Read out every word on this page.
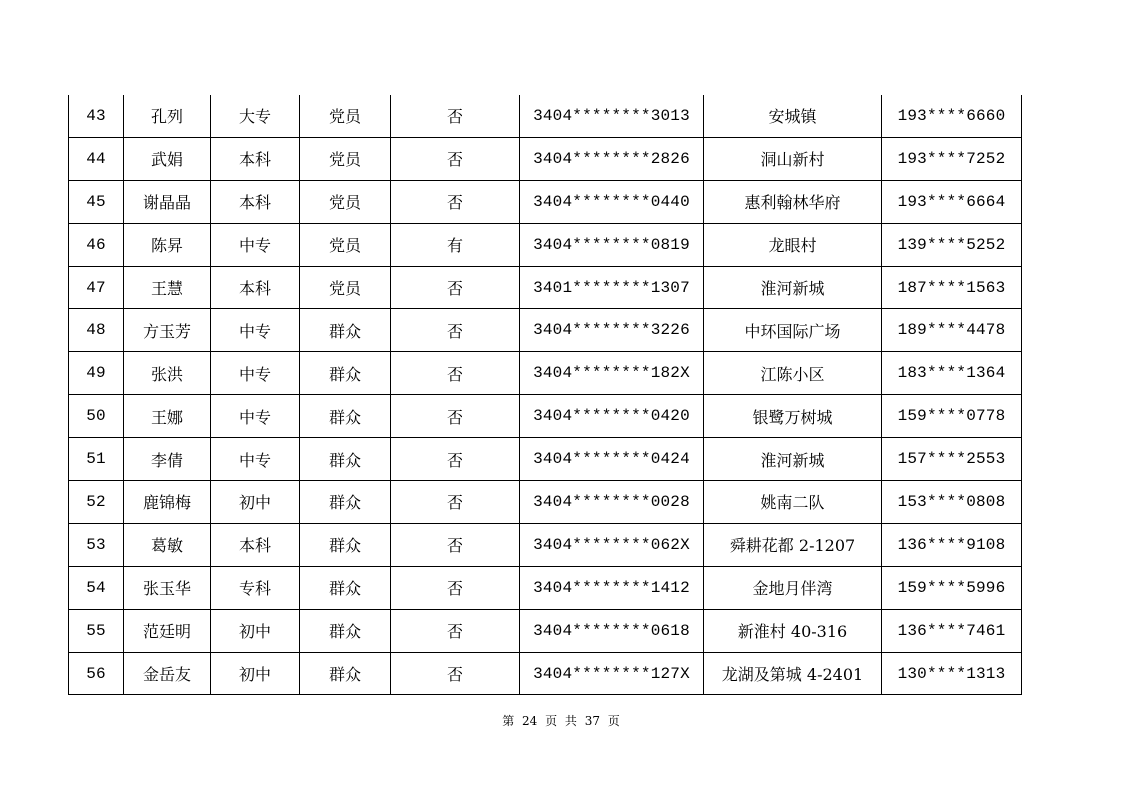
43	孔列	大专	党员	否	3404********3013	安城镇	193****6660
44	武娟	本科	党员	否	3404********2826	洞山新村	193****7252
45	谢晶晶	本科	党员	否	3404********0440	惠利翰林华府	193****6664
46	陈昇	中专	党员	有	3404********0819	龙眼村	139****5252
47	王慧	本科	党员	否	3401********1307	淮河新城	187****1563
48	方玉芳	中专	群众	否	3404********3226	中环国际广场	189****4478
49	张洪	中专	群众	否	3404********182X	江陈小区	183****1364
50	王娜	中专	群众	否	3404********0420	银鹭万树城	159****0778
51	李倩	中专	群众	否	3404********0424	淮河新城	157****2553
52	鹿锦梅	初中	群众	否	3404********0028	姚南二队	153****0808
53	葛敏	本科	群众	否	3404********062X	舜耕花都 2-1207	136****9108
54	张玉华	专科	群众	否	3404********1412	金地月伴湾	159****5996
55	范廷明	初中	群众	否	3404********0618	新淮村 40-316	136****7461
56	金岳友	初中	群众	否	3404********127X	龙湖及第城 4-2401	130****1313
第 24 页 共 37 页
